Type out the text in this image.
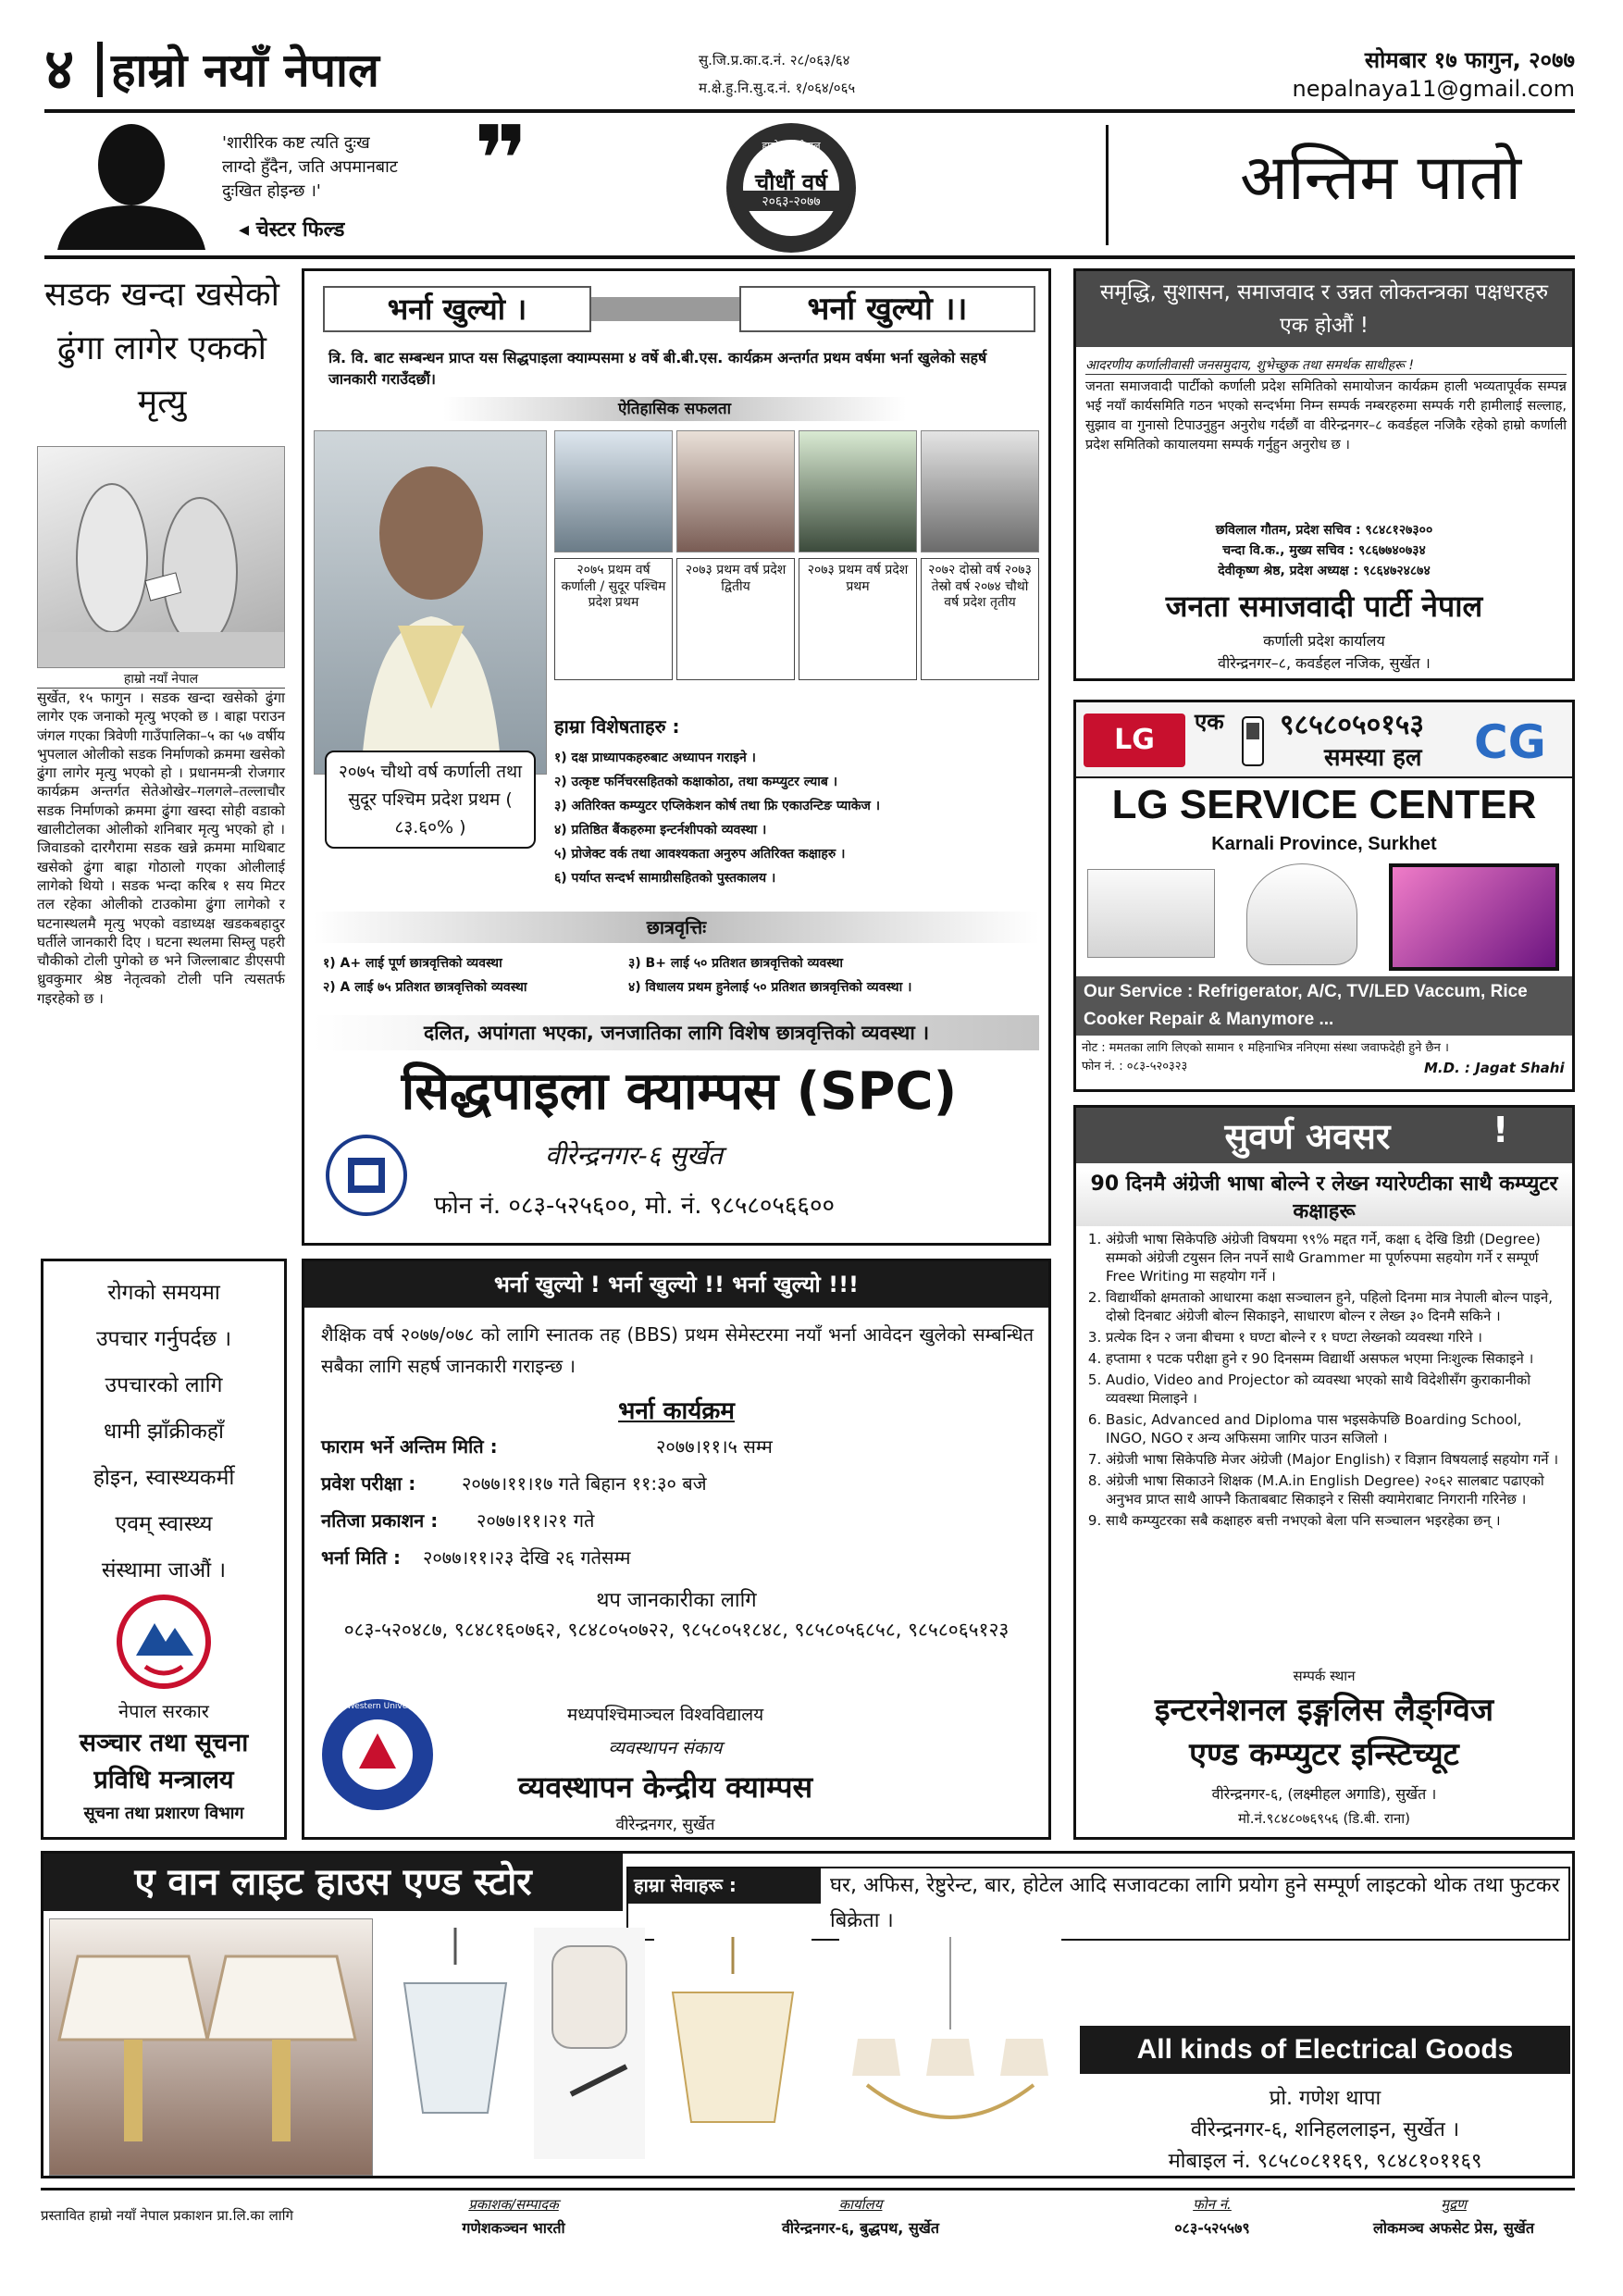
४ हाम्रो नयाँ नेपाल	सु.जि.प्र.का.द.नं. २८/०६३/६४
म.क्षे.हु.नि.सु.द.नं. १/०६४/०६५
सोमबार १७ फागुन, २०७७
nepalnaya11@gmail.com
'शारीरिक कष्ट त्यति दुःख
लाग्दो हुँदैन, जति अपमानबाट
दुःखित होइन्छ ।'
◂ चेस्टर फिल्ड
❞	हाम्रो नयाँ नेपाल
चौधौं वर्ष
२०६३-२०७७	अन्तिम पातो
सडक खन्दा खसेको ढुंगा लागेर एकको मृत्यु
हाम्रो नयाँ नेपाल
सुर्खेत, १५ फागुन । सडक खन्दा खसेको ढुंगा लागेर एक जनाको मृत्यु भएको छ । बाह्रा पराउन जंगल गएका त्रिवेणी गाउँपालिका–५ का ५७ वर्षीय भुपलाल ओलीको सडक निर्माणको क्रममा खसेको ढुंगा लागेर मृत्यु भएको हो । प्रधानमन्त्री रोजगार कार्यक्रम अन्तर्गत सेतेओखेर–गलगले–तल्लाचौर सडक निर्माणको क्रममा ढुंगा खस्दा सोही वडाको खालीटोलका ओलीको शनिबार मृत्यु भएको हो । जिवाडको दारगैरामा सडक खन्ने क्रममा माथिबाट खसेको ढुंगा बाह्रा गोठालो गएका ओलीलाई लागेको थियो । सडक भन्दा करिब १ सय मिटर तल रहेका ओलीको टाउकोमा ढुंगा लागेको र घटनास्थलमै मृत्यु भएको वडाध्यक्ष खडकबहादुर घर्तीले जानकारी दिए । घटना स्थलमा सिम्लु पहरी चौकीको टोली पुगेको छ भने जिल्लाबाट डीएसपी ध्रुवकुमार श्रेष्ठ नेतृत्वको टोली पनि त्यसतर्फ गइरहेको छ ।
भर्ना खुल्यो ।	भर्ना खुल्यो ।।
त्रि. वि. बाट सम्बन्धन प्राप्त यस सिद्धपाइला क्याम्पसमा ४ वर्षे बी.बी.एस. कार्यक्रम अन्तर्गत प्रथम वर्षमा भर्ना खुलेको सहर्ष जानकारी गराउँदछौं।
ऐतिहासिक सफलता
२०७५ प्रथम वर्ष कर्णाली / सुदूर पश्चिम प्रदेश प्रथम
२०७३ प्रथम वर्ष प्रदेश द्वितीय
२०७३ प्रथम वर्ष प्रदेश प्रथम
२०७२ दोस्रो वर्ष २०७३ तेस्रो वर्ष २०७४ चौथो वर्ष प्रदेश तृतीय
२०७५ चौथो वर्ष कर्णाली तथा सुदूर पश्चिम प्रदेश प्रथम ( ८३.६०% )
हाम्रा विशेषताहरु :
१) दक्ष प्राध्यापकहरुबाट अध्यापन गराइने ।
२) उत्कृष्ट फर्निचरसहितको कक्षाकोठा, तथा कम्प्युटर ल्याब ।
३) अतिरिक्त कम्प्युटर एप्लिकेशन कोर्ष तथा फ्रि एकाउन्टिङ प्याकेज ।
४) प्रतिष्ठित बैंकहरुमा इन्टर्नशीपको व्यवस्था ।
५) प्रोजेक्ट वर्क तथा आवश्यकता अनुरुप अतिरिक्त कक्षाहरु ।
६) पर्याप्त सन्दर्भ सामाग्रीसहितको पुस्तकालय ।
छात्रवृत्तिः
१) A+ लाई पूर्ण छात्रवृत्तिको व्यवस्था	३) B+ लाई ५० प्रतिशत छात्रवृत्तिको व्यवस्था
२) A लाई ७५ प्रतिशत छात्रवृत्तिको व्यवस्था	४) विधालय प्रथम हुनेलाई ५० प्रतिशत छात्रवृत्तिको व्यवस्था ।
दलित, अपांगता भएका, जनजातिका लागि विशेष छात्रवृत्तिको व्यवस्था ।
सिद्धपाइला क्याम्पस (SPC)
वीरेन्द्रनगर-६ सुर्खेत
फोन नं. ०८३-५२५६००, मो. नं. ९८५८०५६६००
समृद्धि, सुशासन, समाजवाद र उन्नत लोकतन्त्रका पक्षधरहरु एक होऔं !
आदरणीय कर्णालीवासी जनसमुदाय, शुभेच्छुक तथा समर्थक साथीहरू !
जनता समाजवादी पार्टीको कर्णाली प्रदेश समितिको समायोजन कार्यक्रम हाली भव्यतापूर्वक सम्पन्न भई नयाँ कार्यसमिति गठन भएको सन्दर्भमा निम्न सम्पर्क नम्बरहरुमा सम्पर्क गरी हामीलाई सल्लाह, सुझाव वा गुनासो टिपाउनुहुन अनुरोध गर्दछौं वा वीरेन्द्रनगर–८ कवर्डहल नजिकै रहेको हाम्रो कर्णाली प्रदेश समितिको कायालयमा सम्पर्क गर्नुहुन अनुरोध छ ।
छविलाल गौतम, प्रदेश सचिव : ९८४८१२७३००
चन्दा वि.क., मुख्य सचिव : ९८६७७४०७३४
देवीकृष्ण श्रेष्ठ, प्रदेश अध्यक्ष : ९८६४७२४८७४
जनता समाजवादी पार्टी नेपाल
कर्णाली प्रदेश कार्यालय
वीरेन्द्रनगर–८, कवर्डहल नजिक, सुर्खेत ।
LG
एक ९८५८०५०१५३
समस्या हल CG
LG SERVICE CENTER
Karnali Province, Surkhet
Our Service : Refrigerator, A/C, TV/LED Vaccum, Rice Cooker Repair & Manymore ...
नोट : ममतका लागि लिएको सामान १ महिनाभित्र ननिएमा संस्था जवाफदेही हुने छैन । फोन नं. : ०८३-५२०३२३	M.D. : Jagat Shahi
रोगको समयमा
उपचार गर्नुपर्दछ ।
उपचारको लागि
धामी झाँक्रीकहाँ
होइन, स्वास्थ्यकर्मी
एवम् स्वास्थ्य
संस्थामा जाऔं ।
नेपाल सरकार
सञ्चार तथा सूचना
प्रविधि मन्त्रालय
सूचना तथा प्रशारण विभाग
भर्ना खुल्यो ! भर्ना खुल्यो !! भर्ना खुल्यो !!!
शैक्षिक वर्ष २०७७/०७८ को लागि स्नातक तह (BBS) प्रथम सेमेस्टरमा नयाँ भर्ना आवेदन खुलेको सम्बन्धित सबैका लागि सहर्ष जानकारी गराइन्छ ।
भर्ना कार्यक्रम
फाराम भर्ने अन्तिम मिति :	२०७७।११।५ सम्म
प्रवेश परीक्षा : २०७७।११।१७ गते बिहान ११:३० बजे
नतिजा प्रकाशन : २०७७।११।२१ गते
भर्ना मिति : २०७७।११।२३ देखि २६ गतेसम्म
थप जानकारीका लागि
०८३-५२०४८७, ९८४८१६०७६२, ९८४८०५०७२२, ९८५८०५१८४८, ९८५८०५६८५८, ९८५८०६५१२३
Mid-Western University	मध्यपश्चिमाञ्चल विश्वविद्यालय
व्यवस्थापन संकाय
व्यवस्थापन केन्द्रीय क्याम्पस
वीरेन्द्रनगर, सुर्खेत
सुवर्ण अवसर	!
90 दिनमै अंग्रेजी भाषा बोल्ने र लेख्न ग्यारेण्टीका साथै कम्प्युटर कक्षाहरू
1. अंग्रेजी भाषा सिकेपछि अंग्रेजी विषयमा ९९% मद्दत गर्ने, कक्षा ६ देखि डिग्री (Degree) सम्मको अंग्रेजी टयुसन लिन नपर्ने साथै Grammer मा पूर्णरुपमा सहयोग गर्ने र सम्पूर्ण Free Writing मा सहयोग गर्ने ।
2. विद्यार्थीको क्षमताको आधारमा कक्षा सञ्चालन हुने, पहिलो दिनमा मात्र नेपाली बोल्न पाइने, दोस्रो दिनबाट अंग्रेजी बोल्न सिकाइने, साधारण बोल्न र लेख्न ३० दिनमै सकिने ।
3. प्रत्येक दिन २ जना बीचमा १ घण्टा बोल्ने र १ घण्टा लेख्नको व्यवस्था गरिने ।
4. हप्तामा १ पटक परीक्षा हुने र 90 दिनसम्म विद्यार्थी असफल भएमा निःशुल्क सिकाइने ।
5. Audio, Video and Projector को व्यवस्था भएको साथै विदेशीसँग कुराकानीको व्यवस्था मिलाइने ।
6. Basic, Advanced and Diploma पास भइसकेपछि Boarding School, INGO, NGO र अन्य अफिसमा जागिर पाउन सजिलो ।
7. अंग्रेजी भाषा सिकेपछि मेजर अंग्रेजी (Major English) र विज्ञान विषयलाई सहयोग गर्ने ।
8. अंग्रेजी भाषा सिकाउने शिक्षक (M.A.in English Degree) २०६२ सालबाट पढाएको अनुभव प्राप्त साथै आफ्नै किताबबाट सिकाइने र सिसी क्यामेराबाट निगरानी गरिनेछ ।
9. साथै कम्प्युटरका सबै कक्षाहरु बत्ती नभएको बेला पनि सञ्चालन भइरहेका छन् ।
सम्पर्क स्थान
इन्टरनेशनल इङ्गलिस लैङ्ग्विज
एण्ड कम्प्युटर इन्स्टिच्यूट
वीरेन्द्रनगर-६, (लक्ष्मीहल अगाडि), सुर्खेत ।
मो.नं.९८४८०७६९५६ (डि.बी. राना)
ए वान लाइट हाउस एण्ड स्टोर	हाम्रा सेवाहरू :	घर, अफिस, रेष्टुरेन्ट, बार, होटेल आदि सजावटका लागि प्रयोग हुने सम्पूर्ण लाइटको थोक तथा फुटकर बिक्रेता ।
All kinds of Electrical Goods
प्रो. गणेश थापा
वीरेन्द्रनगर-६, शनिहललाइन, सुर्खेत ।
मोबाइल नं. ९८५८०८११६९, ९८४८१०११६९
प्रस्तावित हाम्रो नयाँ नेपाल प्रकाशन प्रा.लि.का लागि
प्रकाशक/सम्पादक
गणेशकञ्चन भारती
कार्यालय
वीरेन्द्रनगर-६, बुद्धपथ, सुर्खेत
फोन नं.
०८३-५२५५७९
मुद्रण
लोकमञ्च अफसेट प्रेस, सुर्खेत
